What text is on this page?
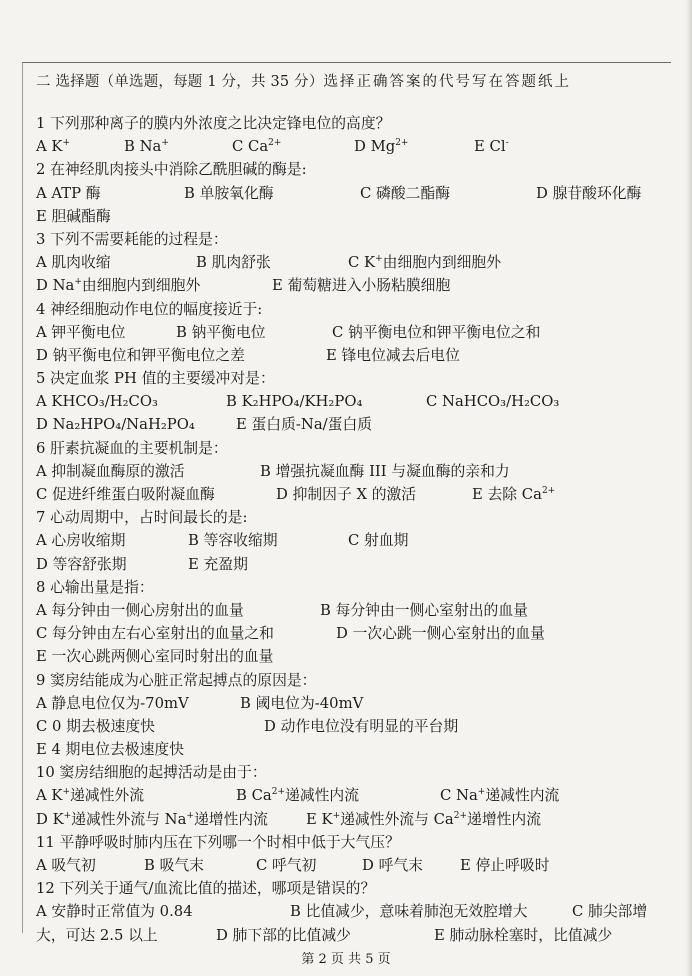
二 选择题（单选题，每题 1 分，共 35 分）选择正确答案的代号写在答题纸上
1 下列那种离子的膜内外浓度之比决定锋电位的高度？
A K+	B Na+	C $Ca^{2+}$	D $Mg^{2+}$	E Cl-
2 在神经肌肉接头中消除乙酰胆碱的酶是:
A ATP 酶	B 单胺氧化酶	C 磷酸二酯酶	D 腺苷酸环化酶
E 胆碱酯酶
3 下列不需要耗能的过程是：
A 肌肉收缩	B 肌肉舒张	C K+由细胞内到细胞外
D Na+由细胞内到细胞外	E 葡萄糖进入小肠粘膜细胞
4 神经细胞动作电位的幅度接近于:
A 钾平衡电位	B 钠平衡电位	C 钠平衡电位和钾平衡电位之和
D 钠平衡电位和钾平衡电位之差	E 锋电位减去后电位
5 决定血浆 PH 值的主要缓冲对是：
A KHCO₃/H₂CO₃	B K₂HPO₄/KH₂PO₄	C NaHCO₃/H₂CO₃
D Na₂HPO₄/NaH₂PO₄	E 蛋白质-Na/蛋白质
6 肝素抗凝血的主要机制是：
A 抑制凝血酶原的激活	B 增强抗凝血酶 III 与凝血酶的亲和力
C 促进纤维蛋白吸附凝血酶	D 抑制因子 X 的激活	E 去除 $Ca^{2+}$
7 心动周期中，占时间最长的是:
A 心房收缩期	B 等容收缩期	C 射血期
D 等容舒张期	E 充盈期
8 心输出量是指：
A 每分钟由一侧心房射出的血量	B 每分钟由一侧心室射出的血量
C 每分钟由左右心室射出的血量之和	D 一次心跳一侧心室射出的血量
E 一次心跳两侧心室同时射出的血量
9 窦房结能成为心脏正常起搏点的原因是：
A 静息电位仅为-70mV	B 阈电位为-40mV
C 0 期去极速度快	D 动作电位没有明显的平台期
E 4 期电位去极速度快
10 窦房结细胞的起搏活动是由于：
A K+递减性外流	B $Ca^{2+}$递减性内流	C Na+递减性内流
D K+递减性外流与 Na+递增性内流	E K+递减性外流与 $Ca^{2+}$递增性内流
11 平静呼吸时肺内压在下列哪一个时相中低于大气压？
A 吸气初	B 吸气末	C 呼气初	D 呼气末	E 停止呼吸时
12 下列关于通气/血流比值的描述，哪项是错误的？
A 安静时正常值为 0.84	B 比值减少，意味着肺泡无效腔增大	C 肺尖部增
大，可达 2.5 以上	D 肺下部的比值减少	E 肺动脉栓塞时，比值减少
第 2 页 共 5 页
